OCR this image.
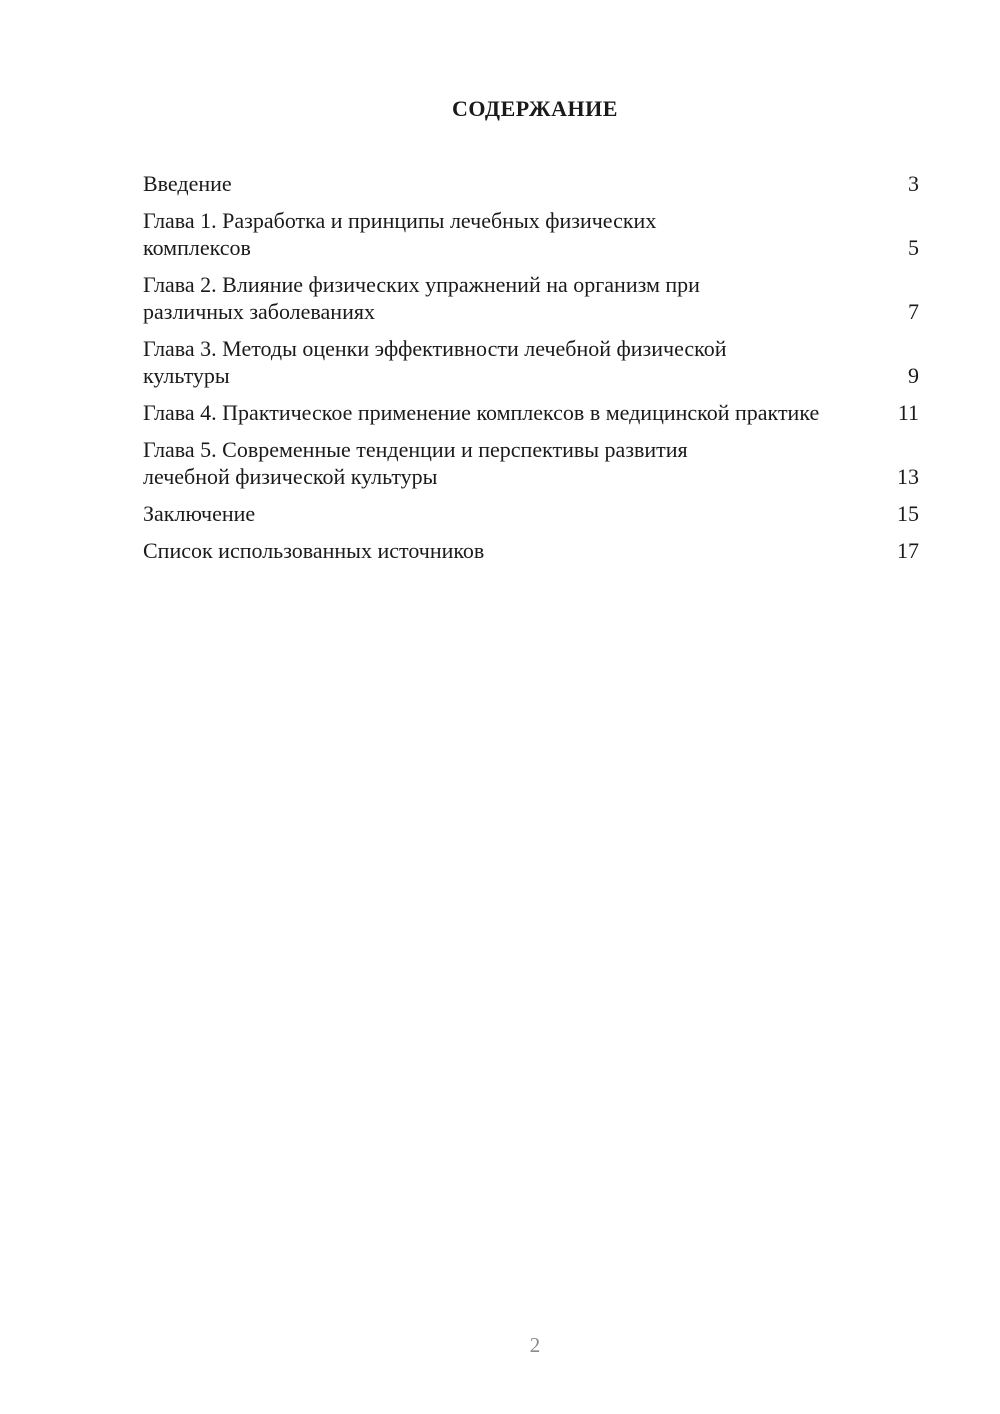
СОДЕРЖАНИЕ
Введение	3
Глава 1. Разработка и принципы лечебных физических комплексов	5
Глава 2. Влияние физических упражнений на организм при различных заболеваниях	7
Глава 3. Методы оценки эффективности лечебной физической культуры	9
Глава 4. Практическое применение комплексов в медицинской практике	11
Глава 5. Современные тенденции и перспективы развития лечебной физической культуры	13
Заключение	15
Список использованных источников	17
2
